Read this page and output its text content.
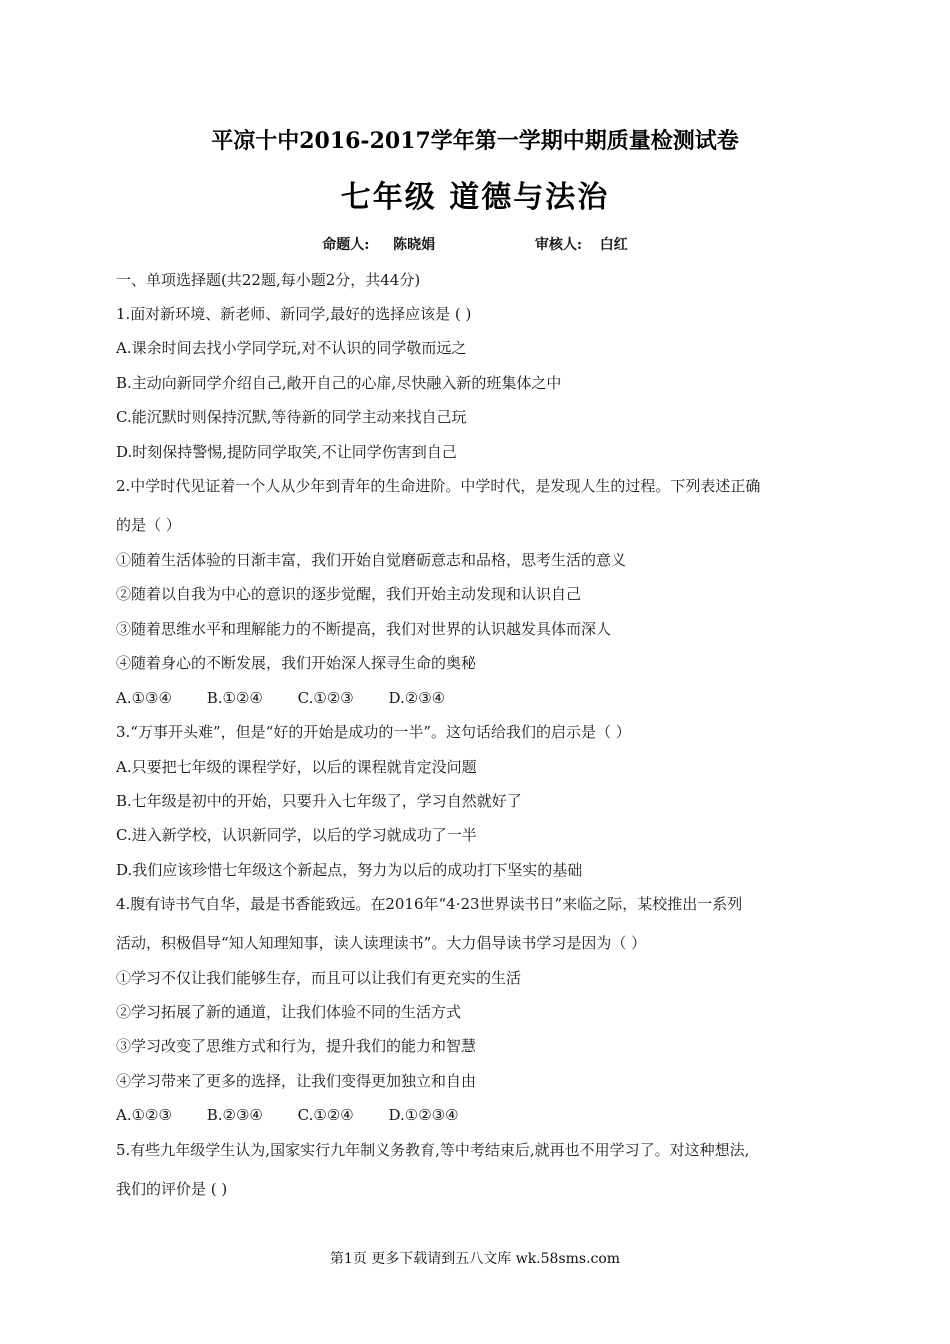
平凉十中2016-2017学年第一学期中期质量检测试卷
七年级 道德与法治
命题人: 陈晓娟	审核人: 白红
一、单项选择题(共22题,每小题2分，共44分)
1.面对新环境、新老师、新同学,最好的选择应该是 ( )
A.课余时间去找小学同学玩,对不认识的同学敬而远之
B.主动向新同学介绍自己,敞开自己的心扉,尽快融入新的班集体之中
C.能沉默时则保持沉默,等待新的同学主动来找自己玩
D.时刻保持警惕,提防同学取笑,不让同学伤害到自己
2.中学时代见证着一个人从少年到青年的生命进阶。中学时代，是发现人生的过程。下列表述正确
的是（ ）
①随着生活体验的日渐丰富，我们开始自觉磨砺意志和品格，思考生活的意义
②随着以自我为中心的意识的逐步觉醒，我们开始主动发现和认识自己
③随着思维水平和理解能力的不断提高，我们对世界的认识越发具体而深人
④随着身心的不断发展，我们开始深人探寻生命的奥秘
A.①③④ B.①②④ C.①②③ D.②③④
3.“万事开头难”，但是“好的开始是成功的一半”。这句话给我们的启示是（ ）
A.只要把七年级的课程学好，以后的课程就肯定没问题
B.七年级是初中的开始，只要升入七年级了，学习自然就好了
C.进入新学校，认识新同学，以后的学习就成功了一半
D.我们应该珍惜七年级这个新起点，努力为以后的成功打下坚实的基础
4.腹有诗书气自华，最是书香能致远。在2016年“4·23世界读书日”来临之际，某校推出一系列
活动，积极倡导“知人知理知事，读人读理读书”。大力倡导读书学习是因为（ ）
①学习不仅让我们能够生存，而且可以让我们有更充实的生活
②学习拓展了新的通道，让我们体验不同的生活方式
③学习改变了思维方式和行为，提升我们的能力和智慧
④学习带来了更多的选择，让我们变得更加独立和自由
A.①②③ B.②③④ C.①②④ D.①②③④
5.有些九年级学生认为,国家实行九年制义务教育,等中考结束后,就再也不用学习了。对这种想法,
我们的评价是 ( )
第1页 更多下载请到五八文库 wk.58sms.com
